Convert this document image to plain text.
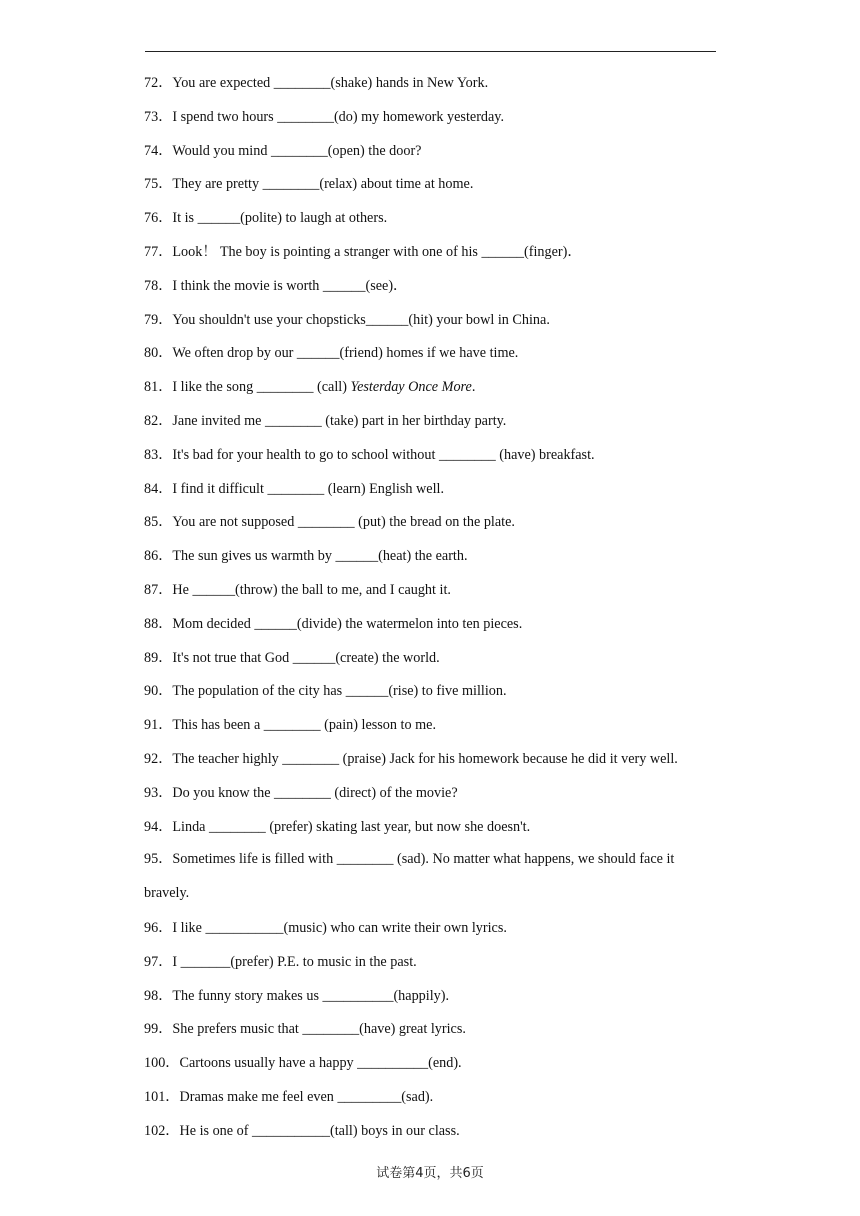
72．You are expected ________(shake) hands in New York.
73．I spend two hours ________(do) my homework yesterday.
74．Would you mind ________(open) the door?
75．They are pretty ________(relax) about time at home.
76．It is ______(polite) to laugh at others.
77．Look！ The boy is pointing a stranger with one of his ______(finger)．
78．I think the movie is worth ______(see)．
79．You shouldn't use your chopsticks______(hit) your bowl in China.
80．We often drop by our ______(friend) homes if we have time.
81．I like the song ________ (call) Yesterday Once More.
82．Jane invited me ________ (take) part in her birthday party.
83．It's bad for your health to go to school without ________ (have) breakfast.
84．I find it difficult ________ (learn) English well.
85．You are not supposed ________ (put) the bread on the plate.
86．The sun gives us warmth by ______(heat) the earth.
87．He ______(throw) the ball to me, and I caught it.
88．Mom decided ______(divide) the watermelon into ten pieces.
89．It's not true that God ______(create) the world.
90．The population of the city has ______(rise) to five million.
91．This has been a ________ (pain) lesson to me.
92．The teacher highly ________ (praise) Jack for his homework because he did it very well.
93．Do you know the ________ (direct) of the movie?
94．Linda ________ (prefer) skating last year, but now she doesn't.
95．Sometimes life is filled with ________ (sad). No matter what happens, we should face it bravely.
96．I like ___________(music) who can write their own lyrics.
97．I _______(prefer) P.E. to music in the past.
98．The funny story makes us __________(happily).
99．She prefers music that ________(have) great lyrics.
100．Cartoons usually have a happy __________(end).
101．Dramas make me feel even _________(sad).
102．He is one of ___________(tall) boys in our class.
试卷第4页，共6页
